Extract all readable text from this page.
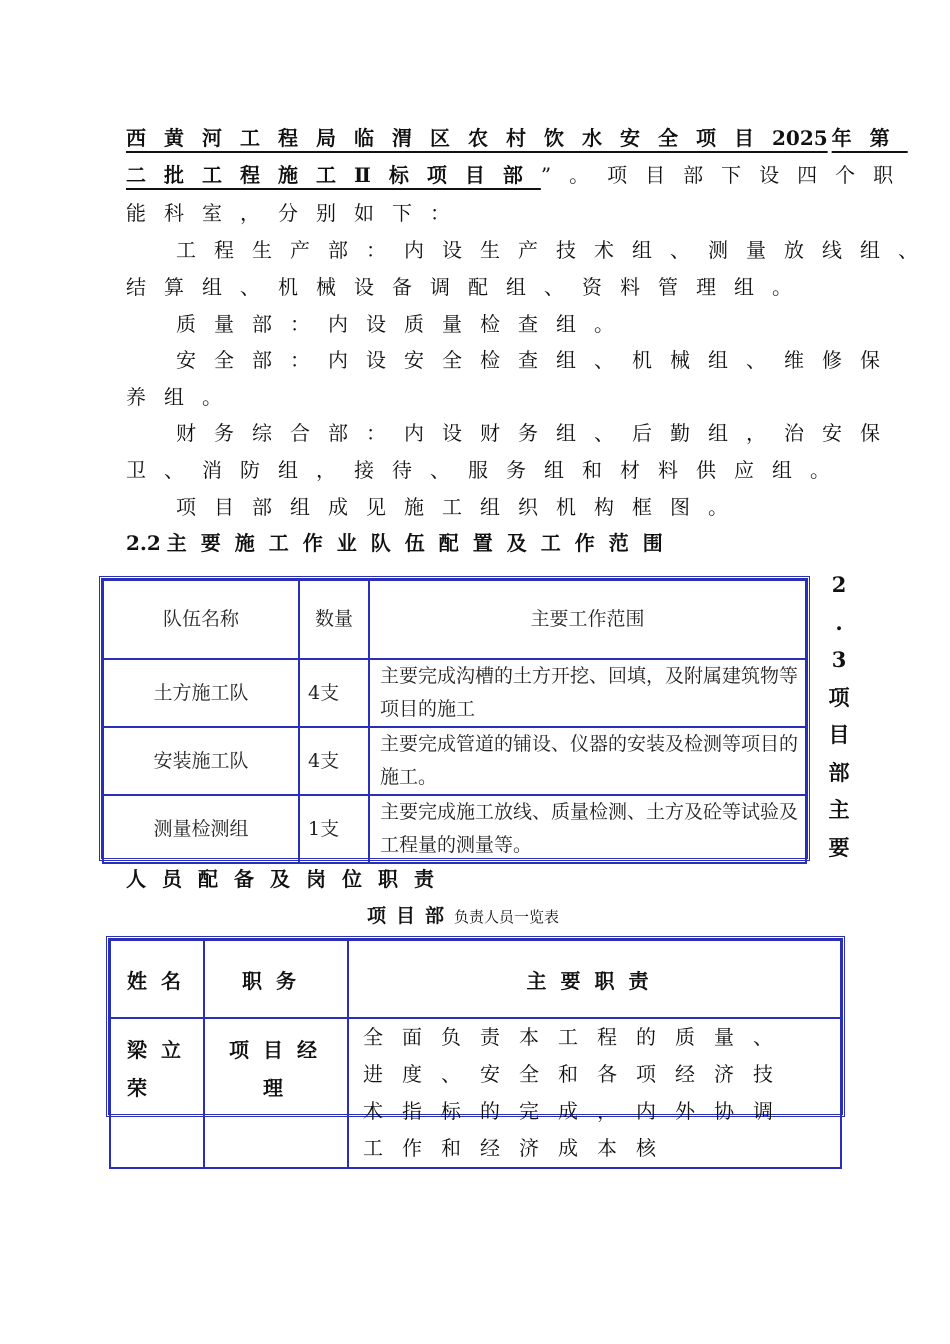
西黄河工程局临渭区农村饮水安全项目2025 年第
二批工程施工Ⅱ标项目部”。项目部下设四个职
能科室，分别如下：
工程生产部：内设生产技术组、测量放线组、
结算组、机械设备调配组、资料管理组。
质量部：内设质量检查组。
安全部：内设安全检查组、机械组、维修保
养组。
财务综合部：内设财务组、后勤组，治安保
卫、消防组，接待、服务组和材料供应组。
项目部组成见施工组织机构框图。
2.2 主要施工作业队伍配置及工作范围
队伍名称	数量	主要工作范围
土方施工队	4支	主要完成沟槽的土方开挖、回填，及附属建筑物等项目的施工
安装施工队	4支	主要完成管道的铺设、仪器的安装及检测等项目的施工。
测量检测组	1支	主要完成施工放线、质量检测、土方及砼等试验及工程量的测量等。
2
.
3
项
目
部
主
要
人员配备及岗位职责
项目部负责人员一览表
姓名	职务	主要职责
梁立荣	项目经理	全面负责本工程的质量、进度、安全和各项经济技术指标的完成，内外协调工作和经济成本核
